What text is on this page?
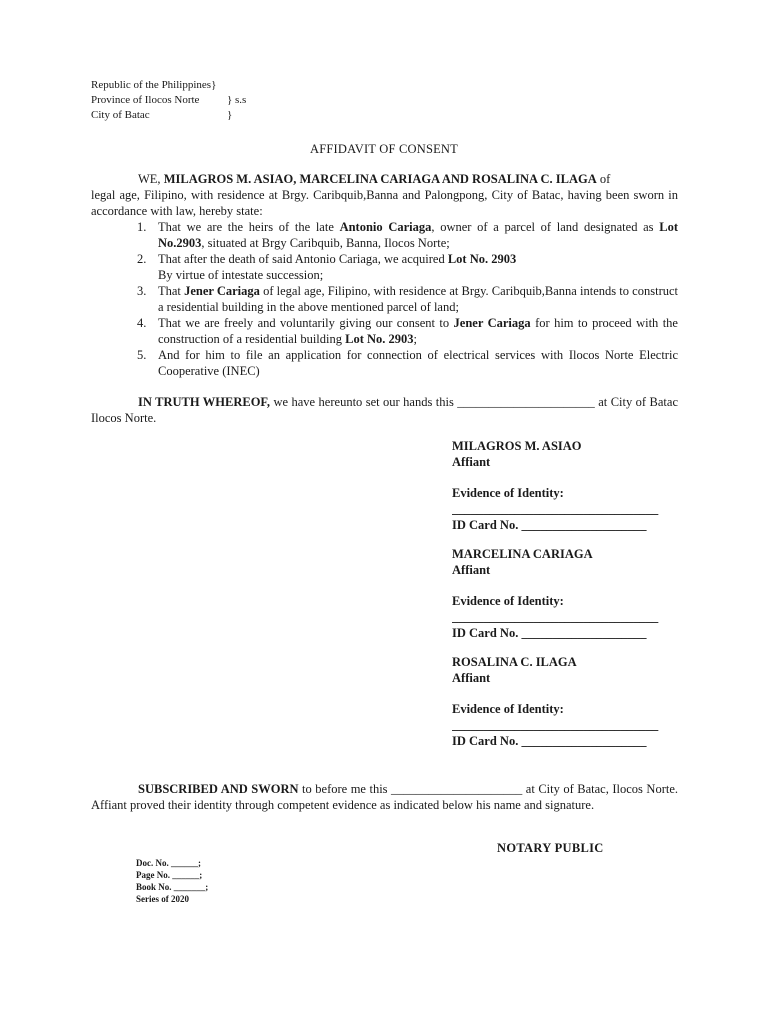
Republic of the Philippines}
Province of Ilocos Norte	} s.s
City of Batac	}
AFFIDAVIT OF CONSENT
WE, MILAGROS M. ASIAO, MARCELINA CARIAGA AND ROSALINA C. ILAGA of
legal age, Filipino, with residence at Brgy. Caribquib,Banna and Palongpong, City of Batac, having been sworn in accordance with law, hereby state:
1. That we are the heirs of the late Antonio Cariaga, owner of a parcel of land designated as Lot No.2903, situated at Brgy Caribquib, Banna, Ilocos Norte;
2. That after the death of said Antonio Cariaga, we acquired Lot No. 2903
By virtue of intestate succession;
3. That Jener Cariaga of legal age, Filipino, with residence at Brgy. Caribquib,Banna intends to construct a residential building in the above mentioned parcel of land;
4. That we are freely and voluntarily giving our consent to Jener Cariaga for him to proceed with the construction of a residential building Lot No. 2903;
5. And for him to file an application for connection of electrical services with Ilocos Norte Electric Cooperative (INEC)
IN TRUTH WHEREOF, we have hereunto set our hands this ______________________ at City of Batac Ilocos Norte.
MILAGROS M. ASIAO
Affiant
Evidence of Identity:
_________________________________
ID Card No. ____________________
MARCELINA CARIAGA
Affiant
Evidence of Identity:
_________________________________
ID Card No. ____________________
ROSALINA C. ILAGA
Affiant
Evidence of Identity:
_________________________________
ID Card No. ____________________
SUBSCRIBED AND SWORN to before me this _____________________ at City of Batac, Ilocos Norte. Affiant proved their identity through competent evidence as indicated below his name and signature.
NOTARY PUBLIC
Doc. No. ______;
Page No. ______;
Book No. _______;
Series of 2020
